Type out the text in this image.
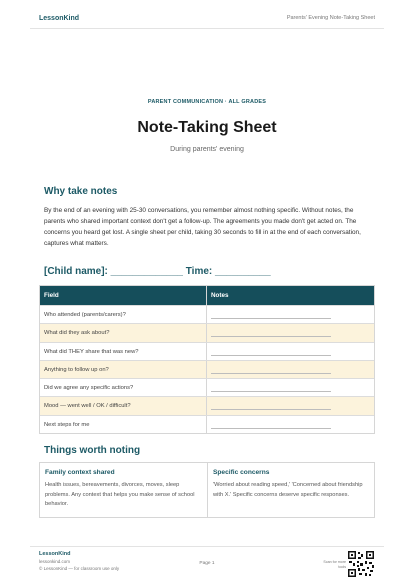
LessonKind	Parents' Evening Note-Taking Sheet
PARENT COMMUNICATION · ALL GRADES
Note-Taking Sheet
During parents' evening
Why take notes
By the end of an evening with 25-30 conversations, you remember almost nothing specific. Without notes, the parents who shared important context don't get a follow-up. The agreements you made don't get acted on. The concerns you heard get lost. A single sheet per child, taking 30 seconds to fill in at the end of each conversation, captures what matters.
[Child name]: _____________ Time: __________
Field	Notes
Who attended (parents/carers)?
What did they ask about?
What did THEY share that was new?
Anything to follow up on?
Did we agree any specific actions?
Mood — went well / OK / difficult?
Next steps for me
Things worth noting
Family context shared
Health issues, bereavements, divorces, moves, sleep problems. Any context that helps you make sense of school behavior.
Specific concerns
'Worried about reading speed,' 'Concerned about friendship with X.' Specific concerns deserve specific responses.
LessonKind
lessonkind.com
© LessonKind — for classroom use only
Page 1	Scan for more tools
